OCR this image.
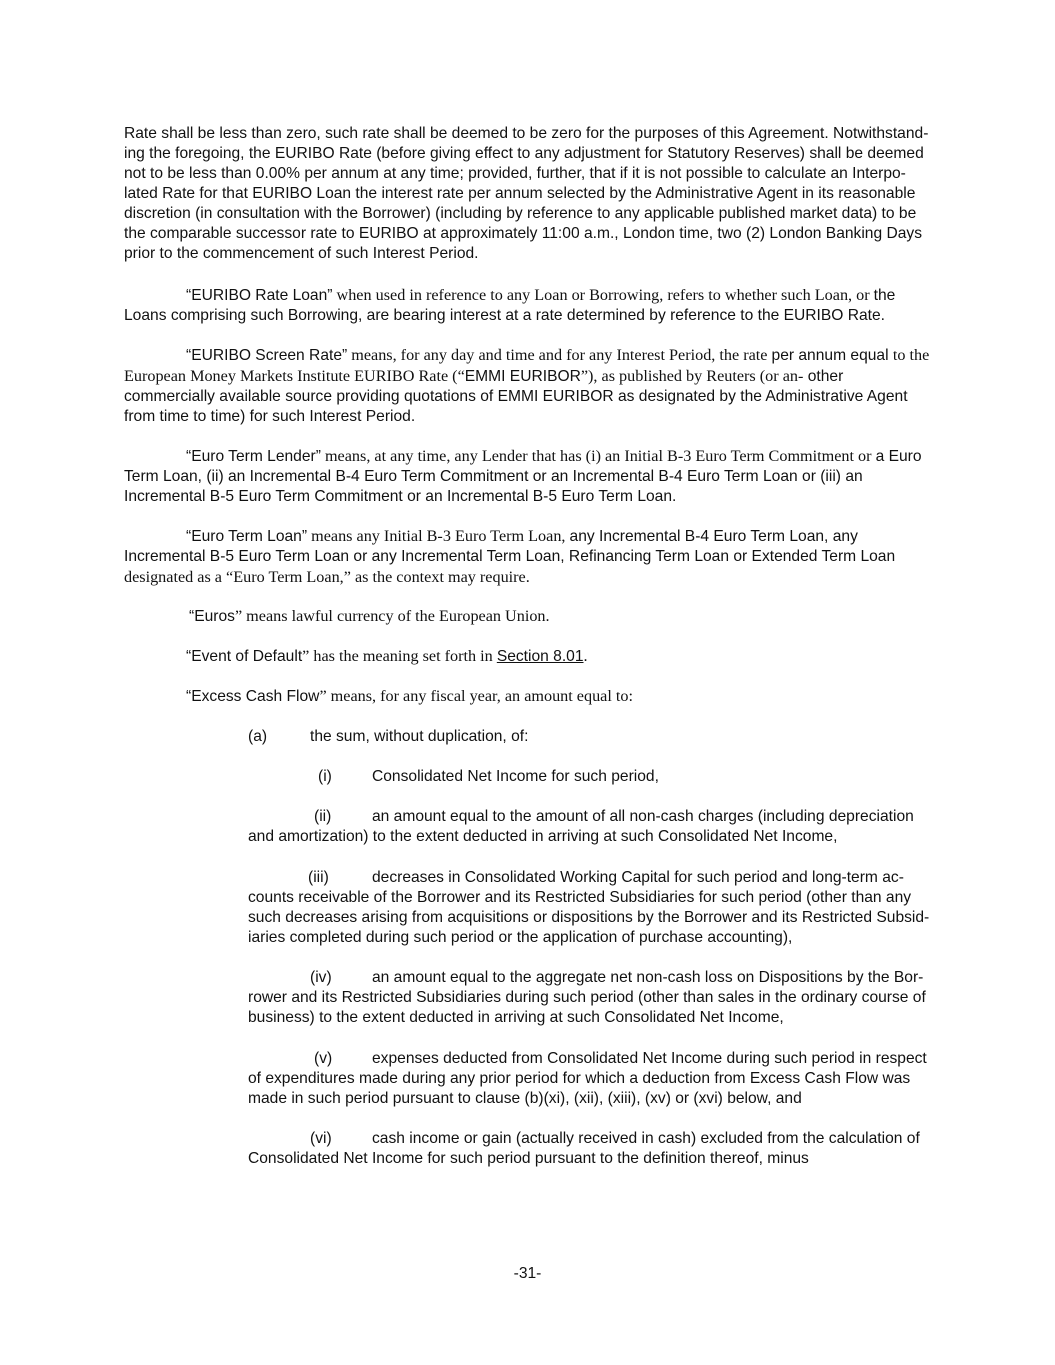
Rate shall be less than zero, such rate shall be deemed to be zero for the purposes of this Agreement. Notwithstand-ing the foregoing, the EURIBO Rate (before giving effect to any adjustment for Statutory Reserves) shall be deemed not to be less than 0.00% per annum at any time; provided, further, that if it is not possible to calculate an Interpo-lated Rate for that EURIBO Loan the interest rate per annum selected by the Administrative Agent in its reasonable discretion (in consultation with the Borrower) (including by reference to any applicable published market data) to be the comparable successor rate to EURIBO at approximately 11:00 a.m., London time, two (2) London Banking Days prior to the commencement of such Interest Period.

“EURIBO Rate Loan” when used in reference to any Loan or Borrowing, refers to whether such Loan, or the Loans comprising such Borrowing, are bearing interest at a rate determined by reference to the EURIBO Rate.

“EURIBO Screen Rate” means, for any day and time and for any Interest Period, the rate per annum equal to the European Money Markets Institute EURIBO Rate (“EMMI EURIBOR”), as published by Reuters (or an- other commercially available source providing quotations of EMMI EURIBOR as designated by the Administrative Agent from time to time) for such Interest Period.

“Euro Term Lender” means, at any time, any Lender that has (i) an Initial B-3 Euro Term Commitment or a Euro Term Loan, (ii) an Incremental B-4 Euro Term Commitment or an Incremental B-4 Euro Term Loan or (iii) an Incremental B-5 Euro Term Commitment or an Incremental B-5 Euro Term Loan.

“Euro Term Loan” means any Initial B-3 Euro Term Loan, any Incremental B-4 Euro Term Loan, any Incremental B-5 Euro Term Loan or any Incremental Term Loan, Refinancing Term Loan or Extended Term Loan designated as a “Euro Term Loan,” as the context may require.

“Euros” means lawful currency of the European Union.

“Event of Default” has the meaning set forth in Section 8.01.

“Excess Cash Flow” means, for any fiscal year, an amount equal to:

(a)	the sum, without duplication, of:
(i)	Consolidated Net Income for such period,
(ii)	an amount equal to the amount of all non-cash charges (including depreciation
and amortization) to the extent deducted in arriving at such Consolidated Net Income,
(iii)	decreases in Consolidated Working Capital for such period and long-term ac-
counts receivable of the Borrower and its Restricted Subsidiaries for such period (other than any such decreases arising from acquisitions or dispositions by the Borrower and its Restricted Subsid-iaries completed during such period or the application of purchase accounting),
(iv)	an amount equal to the aggregate net non-cash loss on Dispositions by the Bor-
rower and its Restricted Subsidiaries during such period (other than sales in the ordinary course of business) to the extent deducted in arriving at such Consolidated Net Income,
(v)	expenses deducted from Consolidated Net Income during such period in respect
of expenditures made during any prior period for which a deduction from Excess Cash Flow was made in such period pursuant to clause (b)(xi), (xii), (xiii), (xv) or (xvi) below, and
(vi)	cash income or gain (actually received in cash) excluded from the calculation of
Consolidated Net Income for such period pursuant to the definition thereof, minus
-31-
